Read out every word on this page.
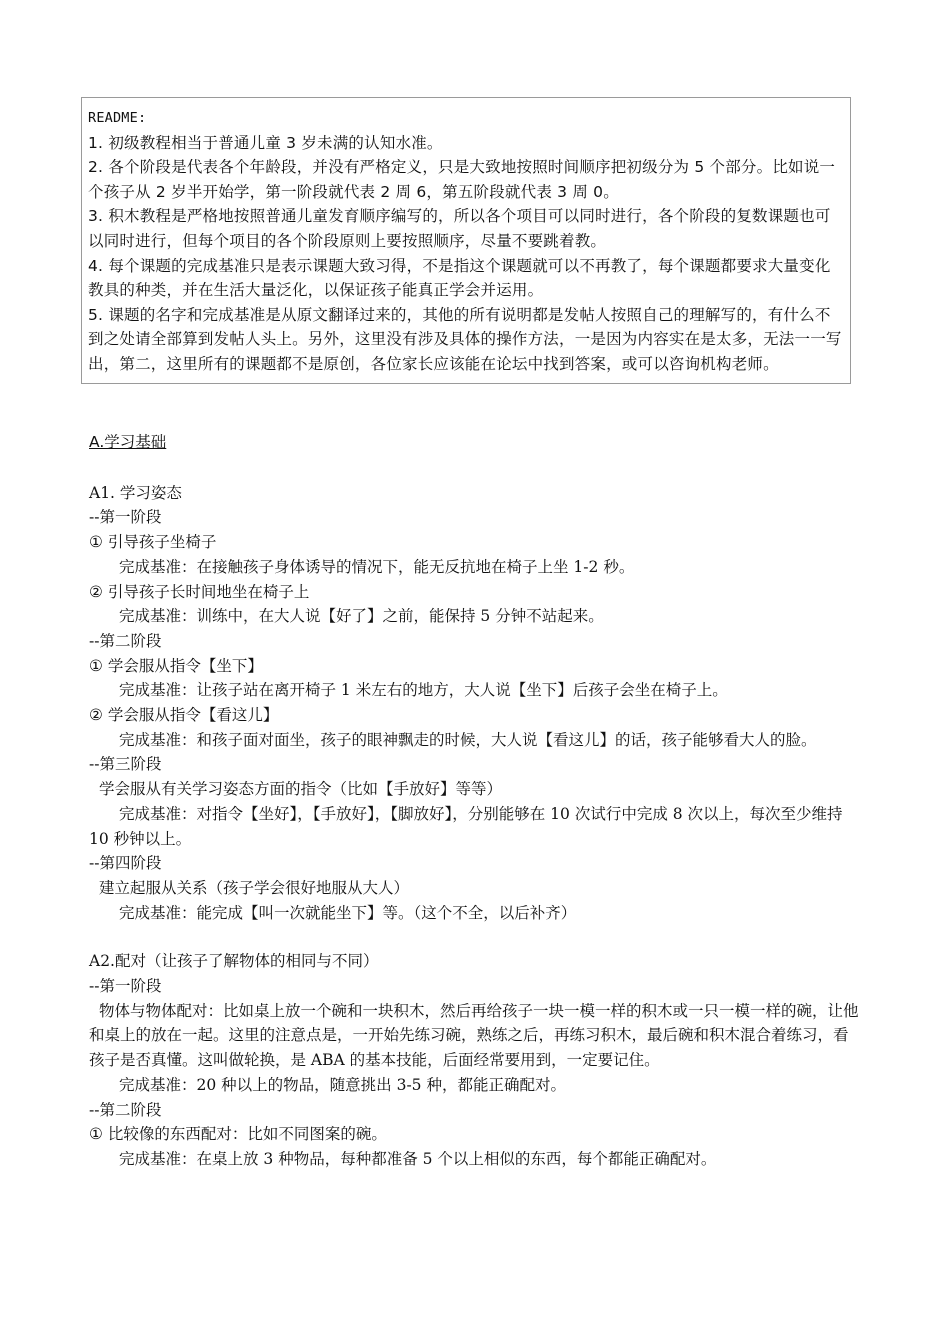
README:

1. 初级教程相当于普通儿童 3 岁未满的认知水准。

2. 各个阶段是代表各个年龄段，并没有严格定义，只是大致地按照时间顺序把初级分为 5 个部分。比如说一个孩子从 2 岁半开始学，第一阶段就代表 2 周 6，第五阶段就代表 3 周 0。

3. 积木教程是严格地按照普通儿童发育顺序编写的，所以各个项目可以同时进行，各个阶段的复数课题也可以同时进行，但每个项目的各个阶段原则上要按照顺序，尽量不要跳着教。

4. 每个课题的完成基准只是表示课题大致习得，不是指这个课题就可以不再教了，每个课题都要求大量变化教具的种类，并在生活大量泛化，以保证孩子能真正学会并运用。

5. 课题的名字和完成基准是从原文翻译过来的，其他的所有说明都是发帖人按照自己的理解写的，有什么不到之处请全部算到发帖人头上。另外，这里没有涉及具体的操作方法，一是因为内容实在是太多，无法一一写出，第二，这里所有的课题都不是原创，各位家长应该能在论坛中找到答案，或可以咨询机构老师。

A.学习基础

A1. 学习姿态

--第一阶段

① 引导孩子坐椅子

完成基准：在接触孩子身体诱导的情况下，能无反抗地在椅子上坐 1-2 秒。

② 引导孩子长时间地坐在椅子上

完成基准：训练中，在大人说【好了】之前，能保持 5 分钟不站起来。

--第二阶段

① 学会服从指令【坐下】

完成基准：让孩子站在离开椅子 1 米左右的地方，大人说【坐下】后孩子会坐在椅子上。

② 学会服从指令【看这儿】

完成基准：和孩子面对面坐，孩子的眼神飘走的时候，大人说【看这儿】的话，孩子能够看大人的脸。

--第三阶段

学会服从有关学习姿态方面的指令（比如【手放好】等等）

完成基准：对指令【坐好】，【手放好】，【脚放好】，分别能够在 10 次试行中完成 8 次以上，每次至少维持 10 秒钟以上。

--第四阶段

建立起服从关系（孩子学会很好地服从大人）

完成基准：能完成【叫一次就能坐下】等。（这个不全，以后补齐）

A2.配对（让孩子了解物体的相同与不同）

--第一阶段

物体与物体配对：比如桌上放一个碗和一块积木，然后再给孩子一块一模一样的积木或一只一模一样的碗，让他和桌上的放在一起。这里的注意点是，一开始先练习碗，熟练之后，再练习积木，最后碗和积木混合着练习，看孩子是否真懂。这叫做轮换，是 ABA 的基本技能，后面经常要用到，一定要记住。

完成基准：20 种以上的物品，随意挑出 3-5 种，都能正确配对。

--第二阶段

① 比较像的东西配对：比如不同图案的碗。

完成基准：在桌上放 3 种物品，每种都准备 5 个以上相似的东西，每个都能正确配对。
